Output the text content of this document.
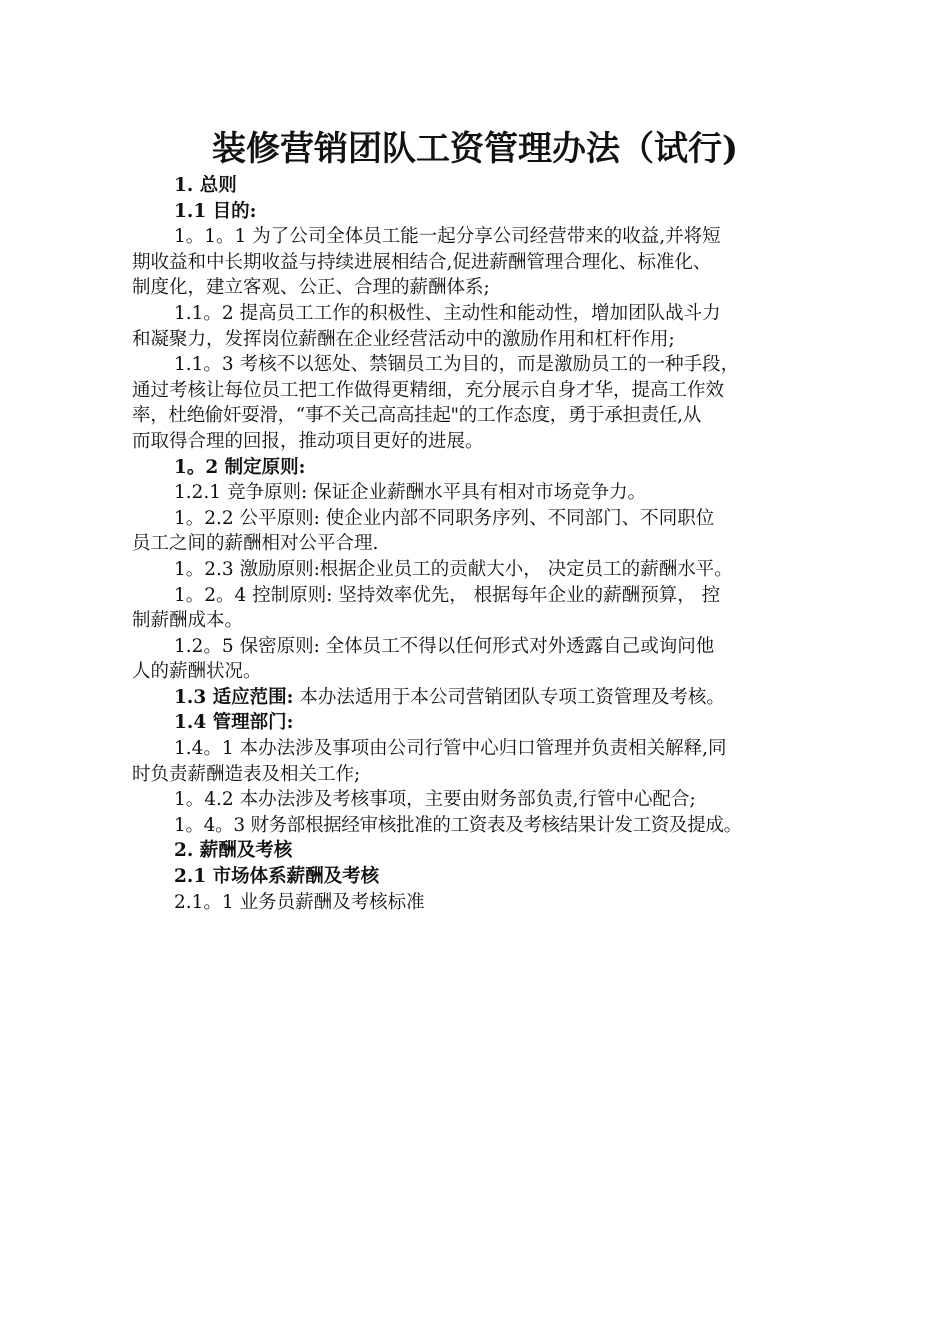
装修营销团队工资管理办法（试行)
1. 总则
1.1 目的:
1。1。1 为了公司全体员工能一起分享公司经营带来的收益,并将短
期收益和中长期收益与持续进展相结合,促进薪酬管理合理化、标准化、
制度化，建立客观、公正、合理的薪酬体系;
1.1。2 提高员工工作的积极性、主动性和能动性，增加团队战斗力
和凝聚力，发挥岗位薪酬在企业经营活动中的激励作用和杠杆作用;
1.1。3 考核不以惩处、禁锢员工为目的，而是激励员工的一种手段，
通过考核让每位员工把工作做得更精细，充分展示自身才华，提高工作效
率，杜绝偷奸耍滑，“事不关己高高挂起"的工作态度，勇于承担责任,从
而取得合理的回报，推动项目更好的进展。
1。2 制定原则:
1.2.1 竞争原则: 保证企业薪酬水平具有相对市场竞争力。
1。2.2 公平原则: 使企业内部不同职务序列、不同部门、不同职位
员工之间的薪酬相对公平合理.
1。2.3 激励原则:根据企业员工的贡献大小， 决定员工的薪酬水平。
1。2。4 控制原则: 坚持效率优先， 根据每年企业的薪酬预算， 控
制薪酬成本。
1.2。5 保密原则: 全体员工不得以任何形式对外透露自己或询问他
人的薪酬状况。
1.3 适应范围: 本办法适用于本公司营销团队专项工资管理及考核。
1.4 管理部门:
1.4。1 本办法涉及事项由公司行管中心归口管理并负责相关解释,同
时负责薪酬造表及相关工作;
1。4.2 本办法涉及考核事项，主要由财务部负责,行管中心配合;
1。4。3 财务部根据经审核批准的工资表及考核结果计发工资及提成。
2. 薪酬及考核
2.1 市场体系薪酬及考核
2.1。1 业务员薪酬及考核标准
